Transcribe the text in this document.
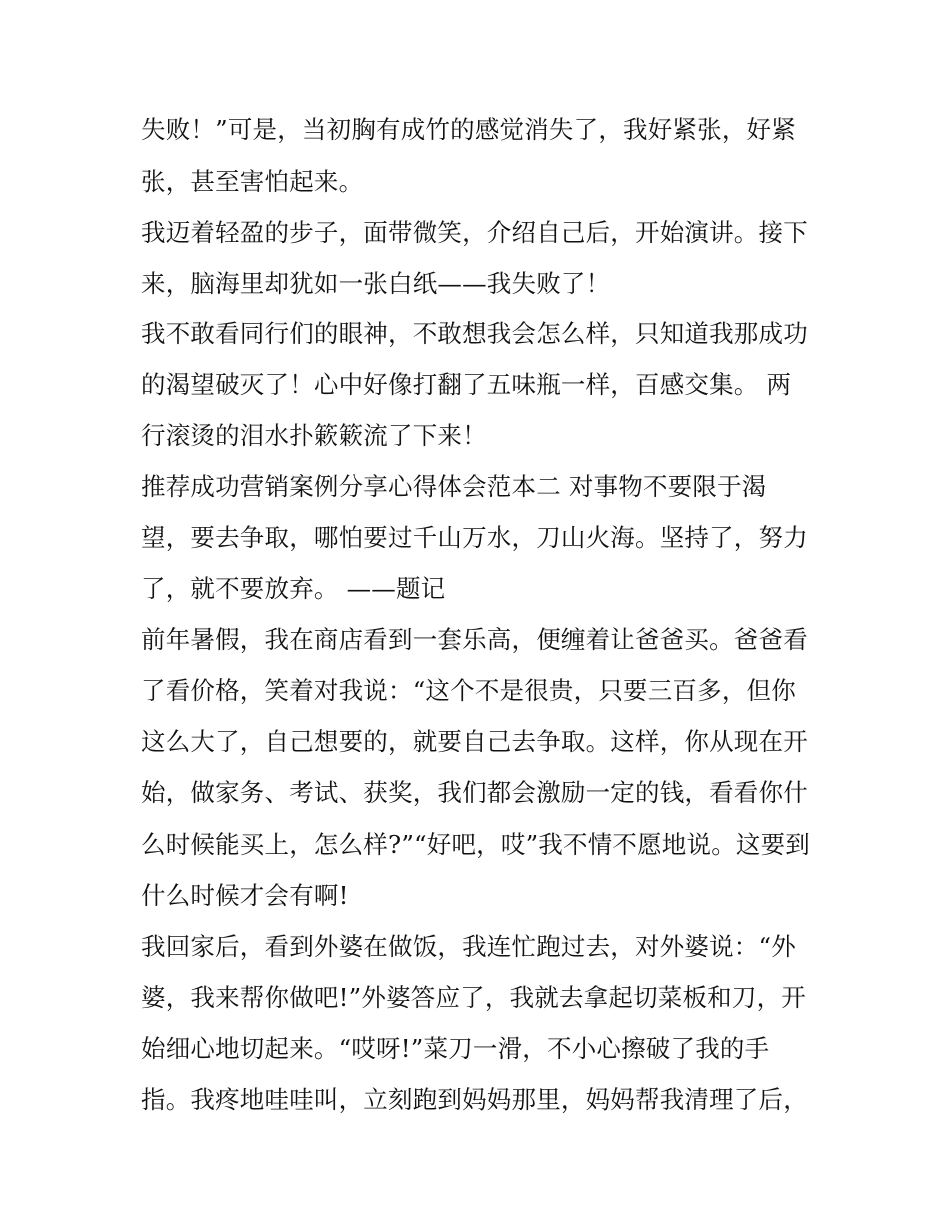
失败！”可是，当初胸有成竹的感觉消失了，我好紧张，好紧
张，甚至害怕起来。
我迈着轻盈的步子，面带微笑，介绍自己后，开始演讲。接下
来，脑海里却犹如一张白纸——我失败了！
我不敢看同行们的眼神，不敢想我会怎么样，只知道我那成功
的渴望破灭了！心中好像打翻了五味瓶一样，百感交集。 两
行滚烫的泪水扑簌簌流了下来！
推荐成功营销案例分享心得体会范本二 对事物不要限于渴
望，要去争取，哪怕要过千山万水，刀山火海。坚持了，努力
了，就不要放弃。 ——题记
前年暑假，我在商店看到一套乐高，便缠着让爸爸买。爸爸看
了看价格，笑着对我说：“这个不是很贵，只要三百多，但你
这么大了，自己想要的，就要自己去争取。这样，你从现在开
始，做家务、考试、获奖，我们都会激励一定的钱，看看你什
么时候能买上，怎么样?”“好吧，哎”我不情不愿地说。这要到
什么时候才会有啊!
我回家后，看到外婆在做饭，我连忙跑过去，对外婆说：“外
婆，我来帮你做吧!”外婆答应了，我就去拿起切菜板和刀，开
始细心地切起来。“哎呀!”菜刀一滑，不小心擦破了我的手
指。我疼地哇哇叫，立刻跑到妈妈那里，妈妈帮我清理了后，
